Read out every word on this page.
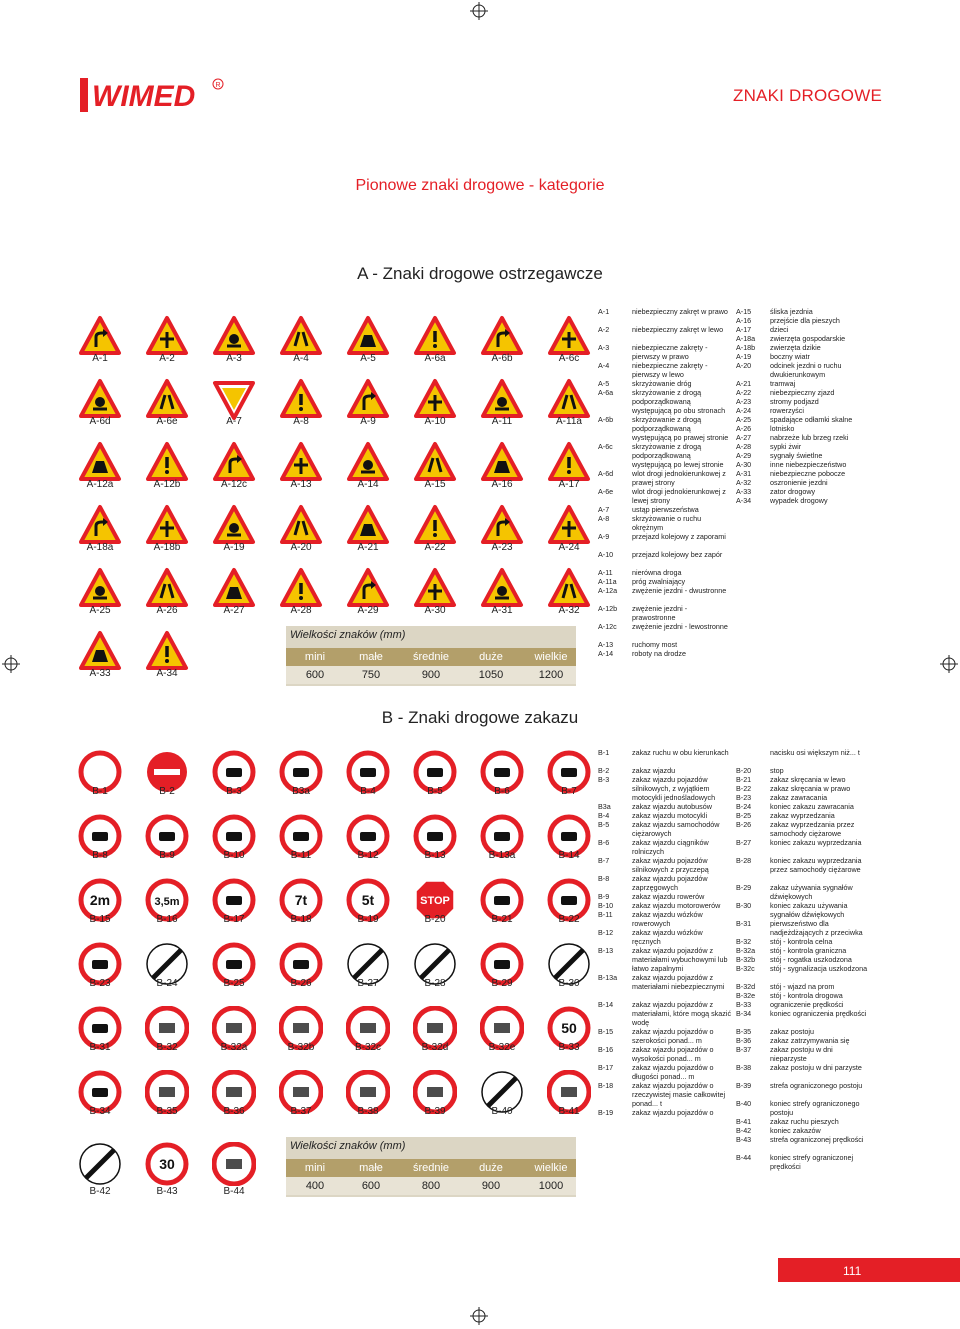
WIMED	R
ZNAKI DROGOWE
Pionowe znaki drogowe - kategorie
A - Znaki drogowe ostrzegawcze
B - Znaki drogowe zakazu
A-1	A-2	A-3	A-4	A-5	A-6a	A-6b	A-6c
A-6d	A-6e	A-7	A-8	A-9	A-10	A-11	A-11a
A-12a	A-12b	A-12c	A-13	A-14	A-15	A-16	A-17
A-18a	A-18b	A-19	A-20	A-21	A-22	A-23	A-24
A-25	A-26	A-27	A-28	A-29	A-30	A-31	A-32
A-33	A-34
B-1	B-2	B-3	B3a	B-4	B-5	B-6	B-7
B-8	B-9	B-10	B-11	B-12	B-13	B-13a	B-14
2m
B-15
3,5m
B-16	B-17
7t
B-18
5t
B-19
STOP
B-20	B-21	B-22
B-23	B-24	B-25	B-26	B-27	B-28	B-29	B-30
B-31	B-32	B-32a	B-32b	B-32c	B-32d	B-32e
50
B-33
B-34	B-35	B-36	B-37	B-38	B-39	B-40	B-41
B-42
30
B-43	B-44
Wielkości znaków (mm)
mini	małe	średnie	duże	wielkie
600	750	900	1050	1200
Wielkości znaków (mm)
mini	małe	średnie	duże	wielkie
400	600	800	900	1000
A-1	niebezpieczny zakręt w prawo
A-2	niebezpieczny zakręt w lewo
A-3	niebezpieczne zakręty - pierwszy w prawo
A-4	niebezpieczne zakręty - pierwszy w lewo
A-5	skrzyżowanie dróg
A-6a	skrzyżowanie z drogą podporządkowaną występującą po obu stronach
A-6b	skrzyżowanie z drogą podporządkowaną występującą po prawej stronie
A-6c	skrzyżowanie z drogą podporządkowaną występującą po lewej stronie
A-6d	wlot drogi jednokierunkowej z prawej strony
A-6e	wlot drogi jednokierunkowej z lewej strony
A-7	ustąp pierwszeństwa
A-8	skrzyżowanie o ruchu okrężnym
A-9	przejazd kolejowy z zaporami
A-10	przejazd kolejowy bez zapór
A-11	nierówna droga
A-11a	próg zwalniający
A-12a	zwężenie jezdni - dwustronne
A-12b	zwężenie jezdni - prawostronne
A-12c	zwężenie jezdni - lewostronne
A-13	ruchomy most
A-14	roboty na drodze
A-15	śliska jezdnia
A-16	przejście dla pieszych
A-17	dzieci
A-18a	zwierzęta gospodarskie
A-18b	zwierzęta dzikie
A-19	boczny wiatr
A-20	odcinek jezdni o ruchu dwukierunkowym
A-21	tramwaj
A-22	niebezpieczny zjazd
A-23	stromy podjazd
A-24	rowerzyści
A-25	spadające odłamki skalne
A-26	lotnisko
A-27	nabrzeże lub brzeg rzeki
A-28	sypki żwir
A-29	sygnały świetlne
A-30	inne niebezpieczeństwo
A-31	niebezpieczne pobocze
A-32	oszronienie jezdni
A-33	zator drogowy
A-34	wypadek drogowy
B-1	zakaz ruchu w obu kierunkach
B-2	zakaz wjazdu
B-3	zakaz wjazdu pojazdów silnikowych, z wyjątkiem motocykli jednośladowych
B3a	zakaz wjazdu autobusów
B-4	zakaz wjazdu motocykli
B-5	zakaz wjazdu samochodów ciężarowych
B-6	zakaz wjazdu ciągników rolniczych
B-7	zakaz wjazdu pojazdów silnikowych z przyczepą
B-8	zakaz wjazdu pojazdów zaprzęgowych
B-9	zakaz wjazdu rowerów
B-10	zakaz wjazdu motorowerów
B-11	zakaz wjazdu wózków rowerowych
B-12	zakaz wjazdu wózków ręcznych
B-13	zakaz wjazdu pojazdów z materiałami wybuchowymi lub łatwo zapalnymi
B-13a	zakaz wjazdu pojazdów z materiałami niebezpiecznymi
B-14	zakaz wjazdu pojazdów z materiałami, które mogą skazić wodę
B-15	zakaz wjazdu pojazdów o szerokości ponad... m
B-16	zakaz wjazdu pojazdów o wysokości ponad... m
B-17	zakaz wjazdu pojazdów o długości ponad... m
B-18	zakaz wjazdu pojazdów o rzeczywistej masie całkowitej ponad... t
B-19	zakaz wjazdu pojazdów o
nacisku osi większym niż... t
B-20	stop
B-21	zakaz skręcania w lewo
B-22	zakaz skręcania w prawo
B-23	zakaz zawracania
B-24	koniec zakazu zawracania
B-25	zakaz wyprzedzania
B-26	zakaz wyprzedzania przez samochody ciężarowe
B-27	koniec zakazu wyprzedzania
B-28	koniec zakazu wyprzedzania przez samochody ciężarowe
B-29	zakaz używania sygnałów dźwiękowych
B-30	koniec zakazu używania sygnałów dźwiękowych
B-31	pierwszeństwo dla nadjeżdżających z przeciwka
B-32	stój - kontrola celna
B-32a	stój - kontrola graniczna
B-32b	stój - rogatka uszkodzona
B-32c	stój - sygnalizacja uszkodzona
B-32d	stój - wjazd na prom
B-32e	stój - kontrola drogowa
B-33	ograniczenie prędkości
B-34	koniec ograniczenia prędkości
B-35	zakaz postoju
B-36	zakaz zatrzymywania się
B-37	zakaz postoju w dni nieparzyste
B-38	zakaz postoju w dni parzyste
B-39	strefa ograniczonego postoju
B-40	koniec strefy ograniczonego postoju
B-41	zakaz ruchu pieszych
B-42	koniec zakazów
B-43	strefa ograniczonej prędkości
B-44	koniec strefy ograniczonej prędkości
111
